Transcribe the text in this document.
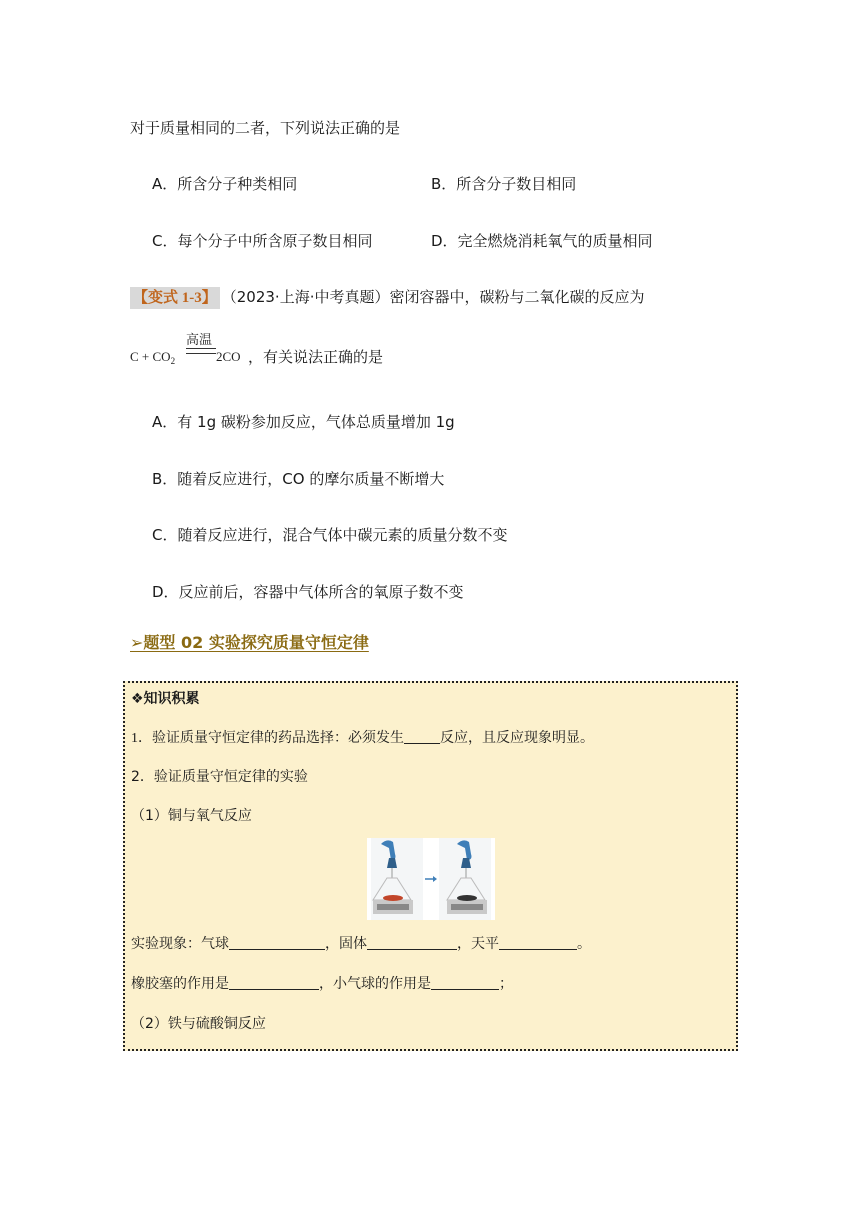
对于质量相同的二者，下列说法正确的是
A．所含分子种类相同	B．所含分子数目相同
C．每个分子中所含原子数目相同	D．完全燃烧消耗氧气的质量相同
【变式 1-3】 （2023·上海·中考真题）密闭容器中，碳粉与二氧化碳的反应为
$C + CO_2$
高温
2CO ，有关说法正确的是
A．有 1g 碳粉参加反应，气体总质量增加 1g
B．随着反应进行，CO 的摩尔质量不断增大
C．随着反应进行，混合气体中碳元素的质量分数不变
D．反应前后，容器中气体所含的氧原子数不变
➢题型 02 实验探究质量守恒定律
❖知识积累
1．验证质量守恒定律的药品选择：必须发生	反应，且反应现象明显。
2．验证质量守恒定律的实验
（1）铜与氧气反应
实验现象：气球	，固体	，天平	。
橡胶塞的作用是	，小气球的作用是	；
（2）铁与硫酸铜反应
